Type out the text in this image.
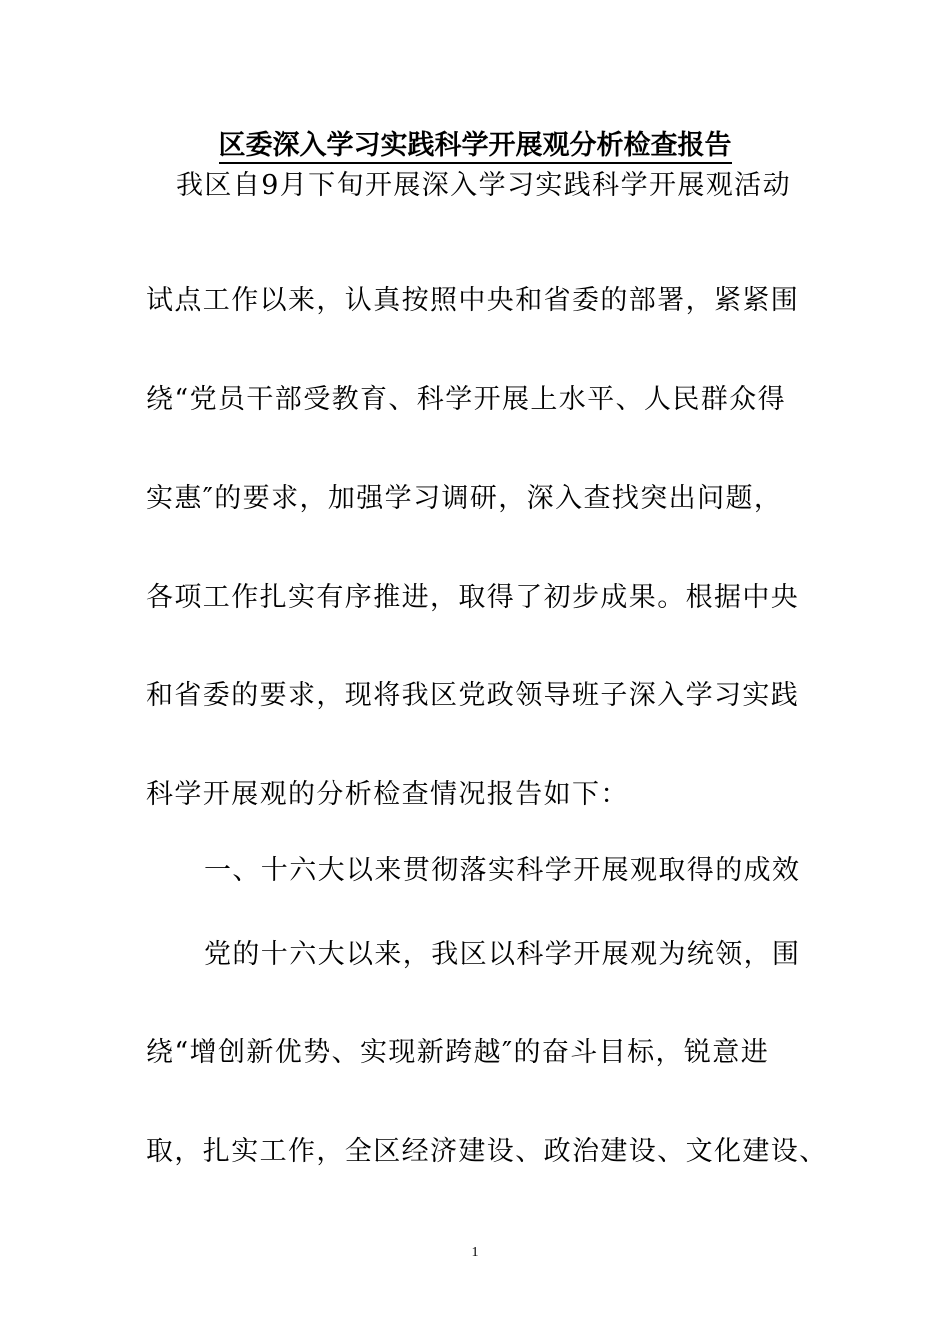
区委深入学习实践科学开展观分析检查报告
我区自9月下旬开展深入学习实践科学开展观活动
试点工作以来，认真按照中央和省委的部署，紧紧围
绕“党员干部受教育、科学开展上水平、人民群众得
实惠″的要求，加强学习调研，深入查找突出问题，
各项工作扎实有序推进，取得了初步成果。根据中央
和省委的要求，现将我区党政领导班子深入学习实践
科学开展观的分析检查情况报告如下：
一、十六大以来贯彻落实科学开展观取得的成效
党的十六大以来，我区以科学开展观为统领，围
绕“增创新优势、实现新跨越″的奋斗目标，锐意进
取，扎实工作，全区经济建设、政治建设、文化建设、
1
